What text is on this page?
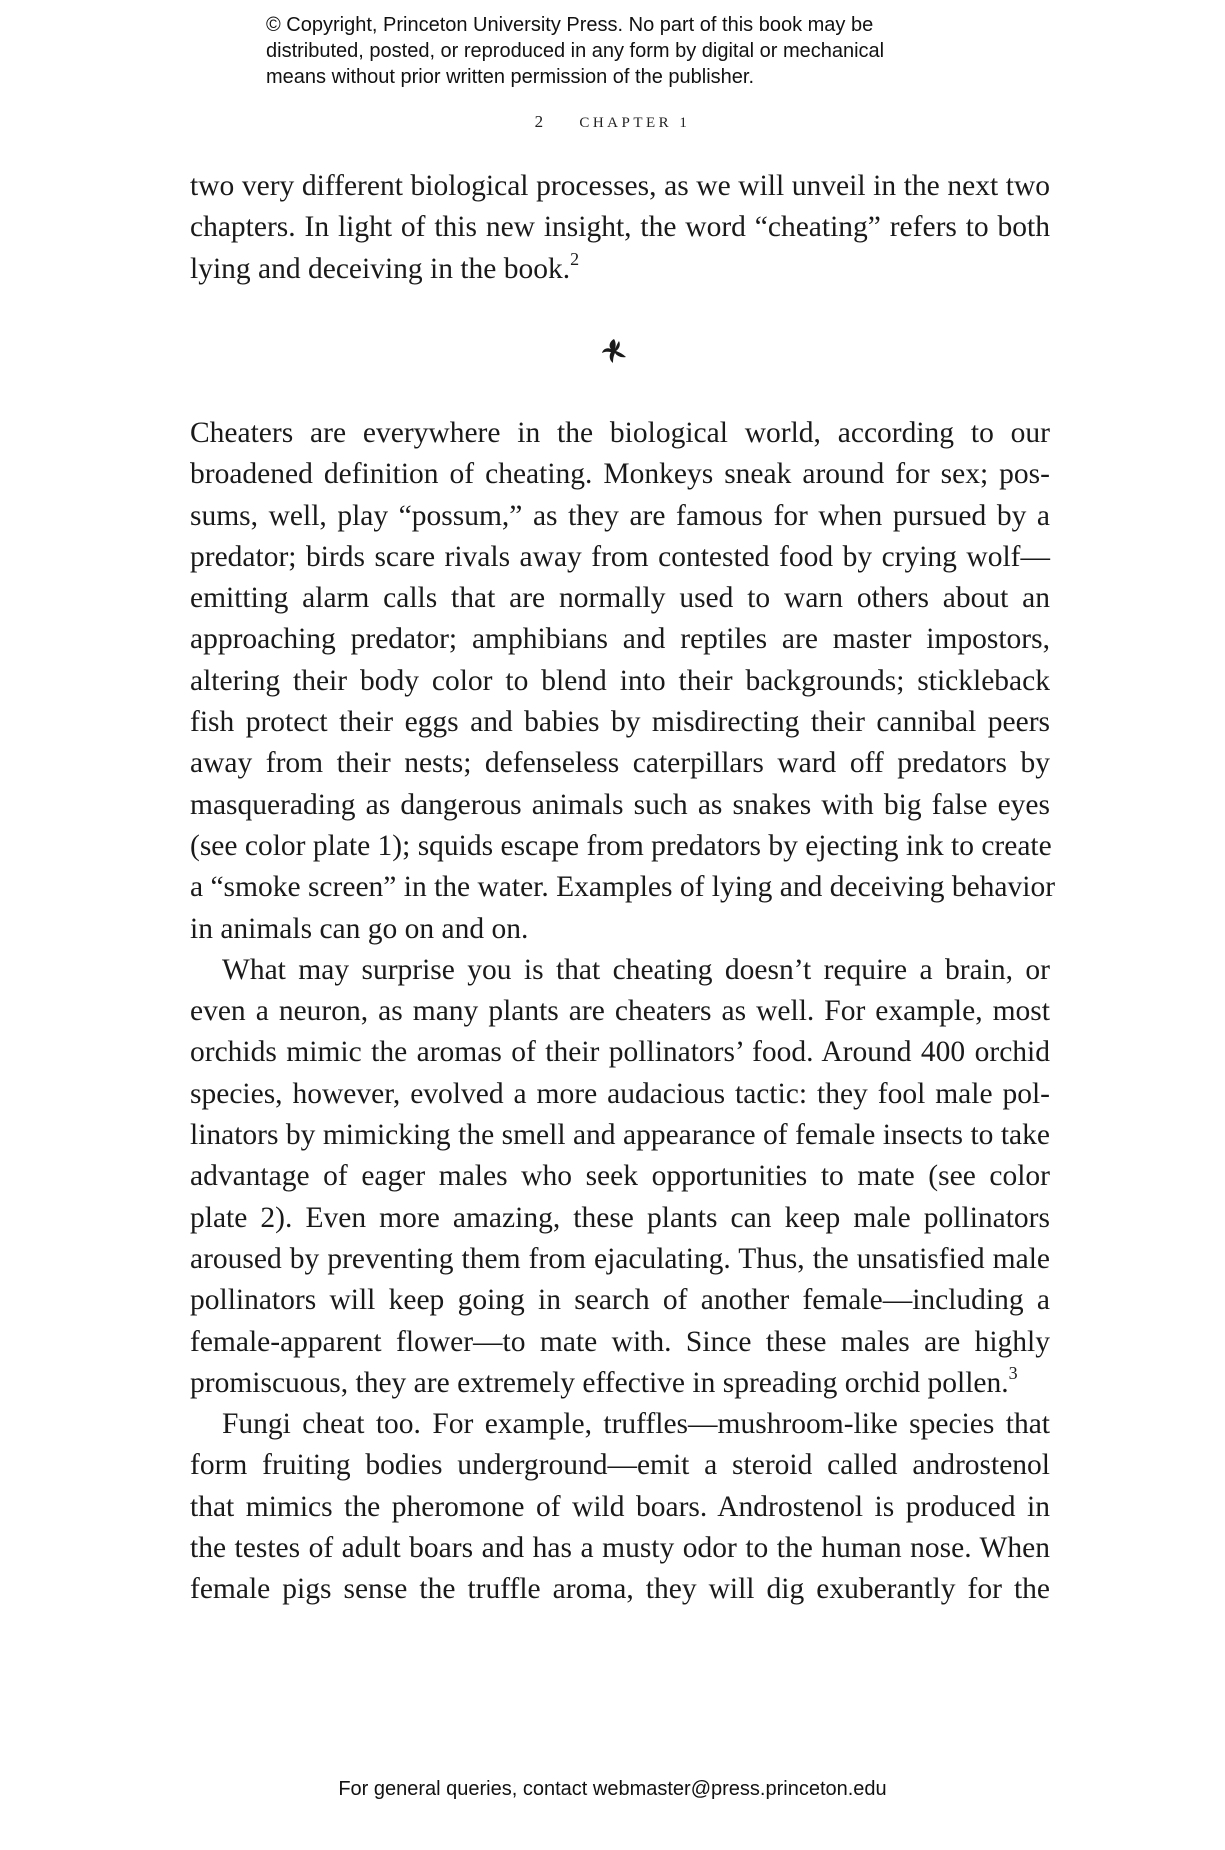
© Copyright, Princeton University Press. No part of this book may be
distributed, posted, or reproduced in any form by digital or mechanical
means without prior written permission of the publisher.
2 CHAPTER 1
two very different biological processes, as we will unveil in the next two
chapters. In light of this new insight, the word “cheating” refers to both
lying and deceiving in the book.$^2$
Cheaters are everywhere in the biological world, according to our
broadened definition of cheating. Monkeys sneak around for sex; pos-
sums, well, play “possum,” as they are famous for when pursued by a
predator; birds scare rivals away from contested food by crying wolf—
emitting alarm calls that are normally used to warn others about an
approaching predator; amphibians and reptiles are master impostors,
altering their body color to blend into their backgrounds; stickleback
fish protect their eggs and babies by misdirecting their cannibal peers
away from their nests; defenseless caterpillars ward off predators by
masquerading as dangerous animals such as snakes with big false eyes
(see color plate 1); squids escape from predators by ejecting ink to create
a “smoke screen” in the water. Examples of lying and deceiving behavior
in animals can go on and on.
What may surprise you is that cheating doesn’t require a brain, or
even a neuron, as many plants are cheaters as well. For example, most
orchids mimic the aromas of their pollinators’ food. Around 400 orchid
species, however, evolved a more audacious tactic: they fool male pol-
linators by mimicking the smell and appearance of female insects to take
advantage of eager males who seek opportunities to mate (see color
plate 2). Even more amazing, these plants can keep male pollinators
aroused by preventing them from ejaculating. Thus, the unsatisfied male
pollinators will keep going in search of another female—including a
female-apparent flower—to mate with. Since these males are highly
promiscuous, they are extremely effective in spreading orchid pollen.$^3$
Fungi cheat too. For example, truffles—mushroom-like species that
form fruiting bodies underground—emit a steroid called androstenol
that mimics the pheromone of wild boars. Androstenol is produced in
the testes of adult boars and has a musty odor to the human nose. When
female pigs sense the truffle aroma, they will dig exuberantly for the
For general queries, contact webmaster@press.princeton.edu
